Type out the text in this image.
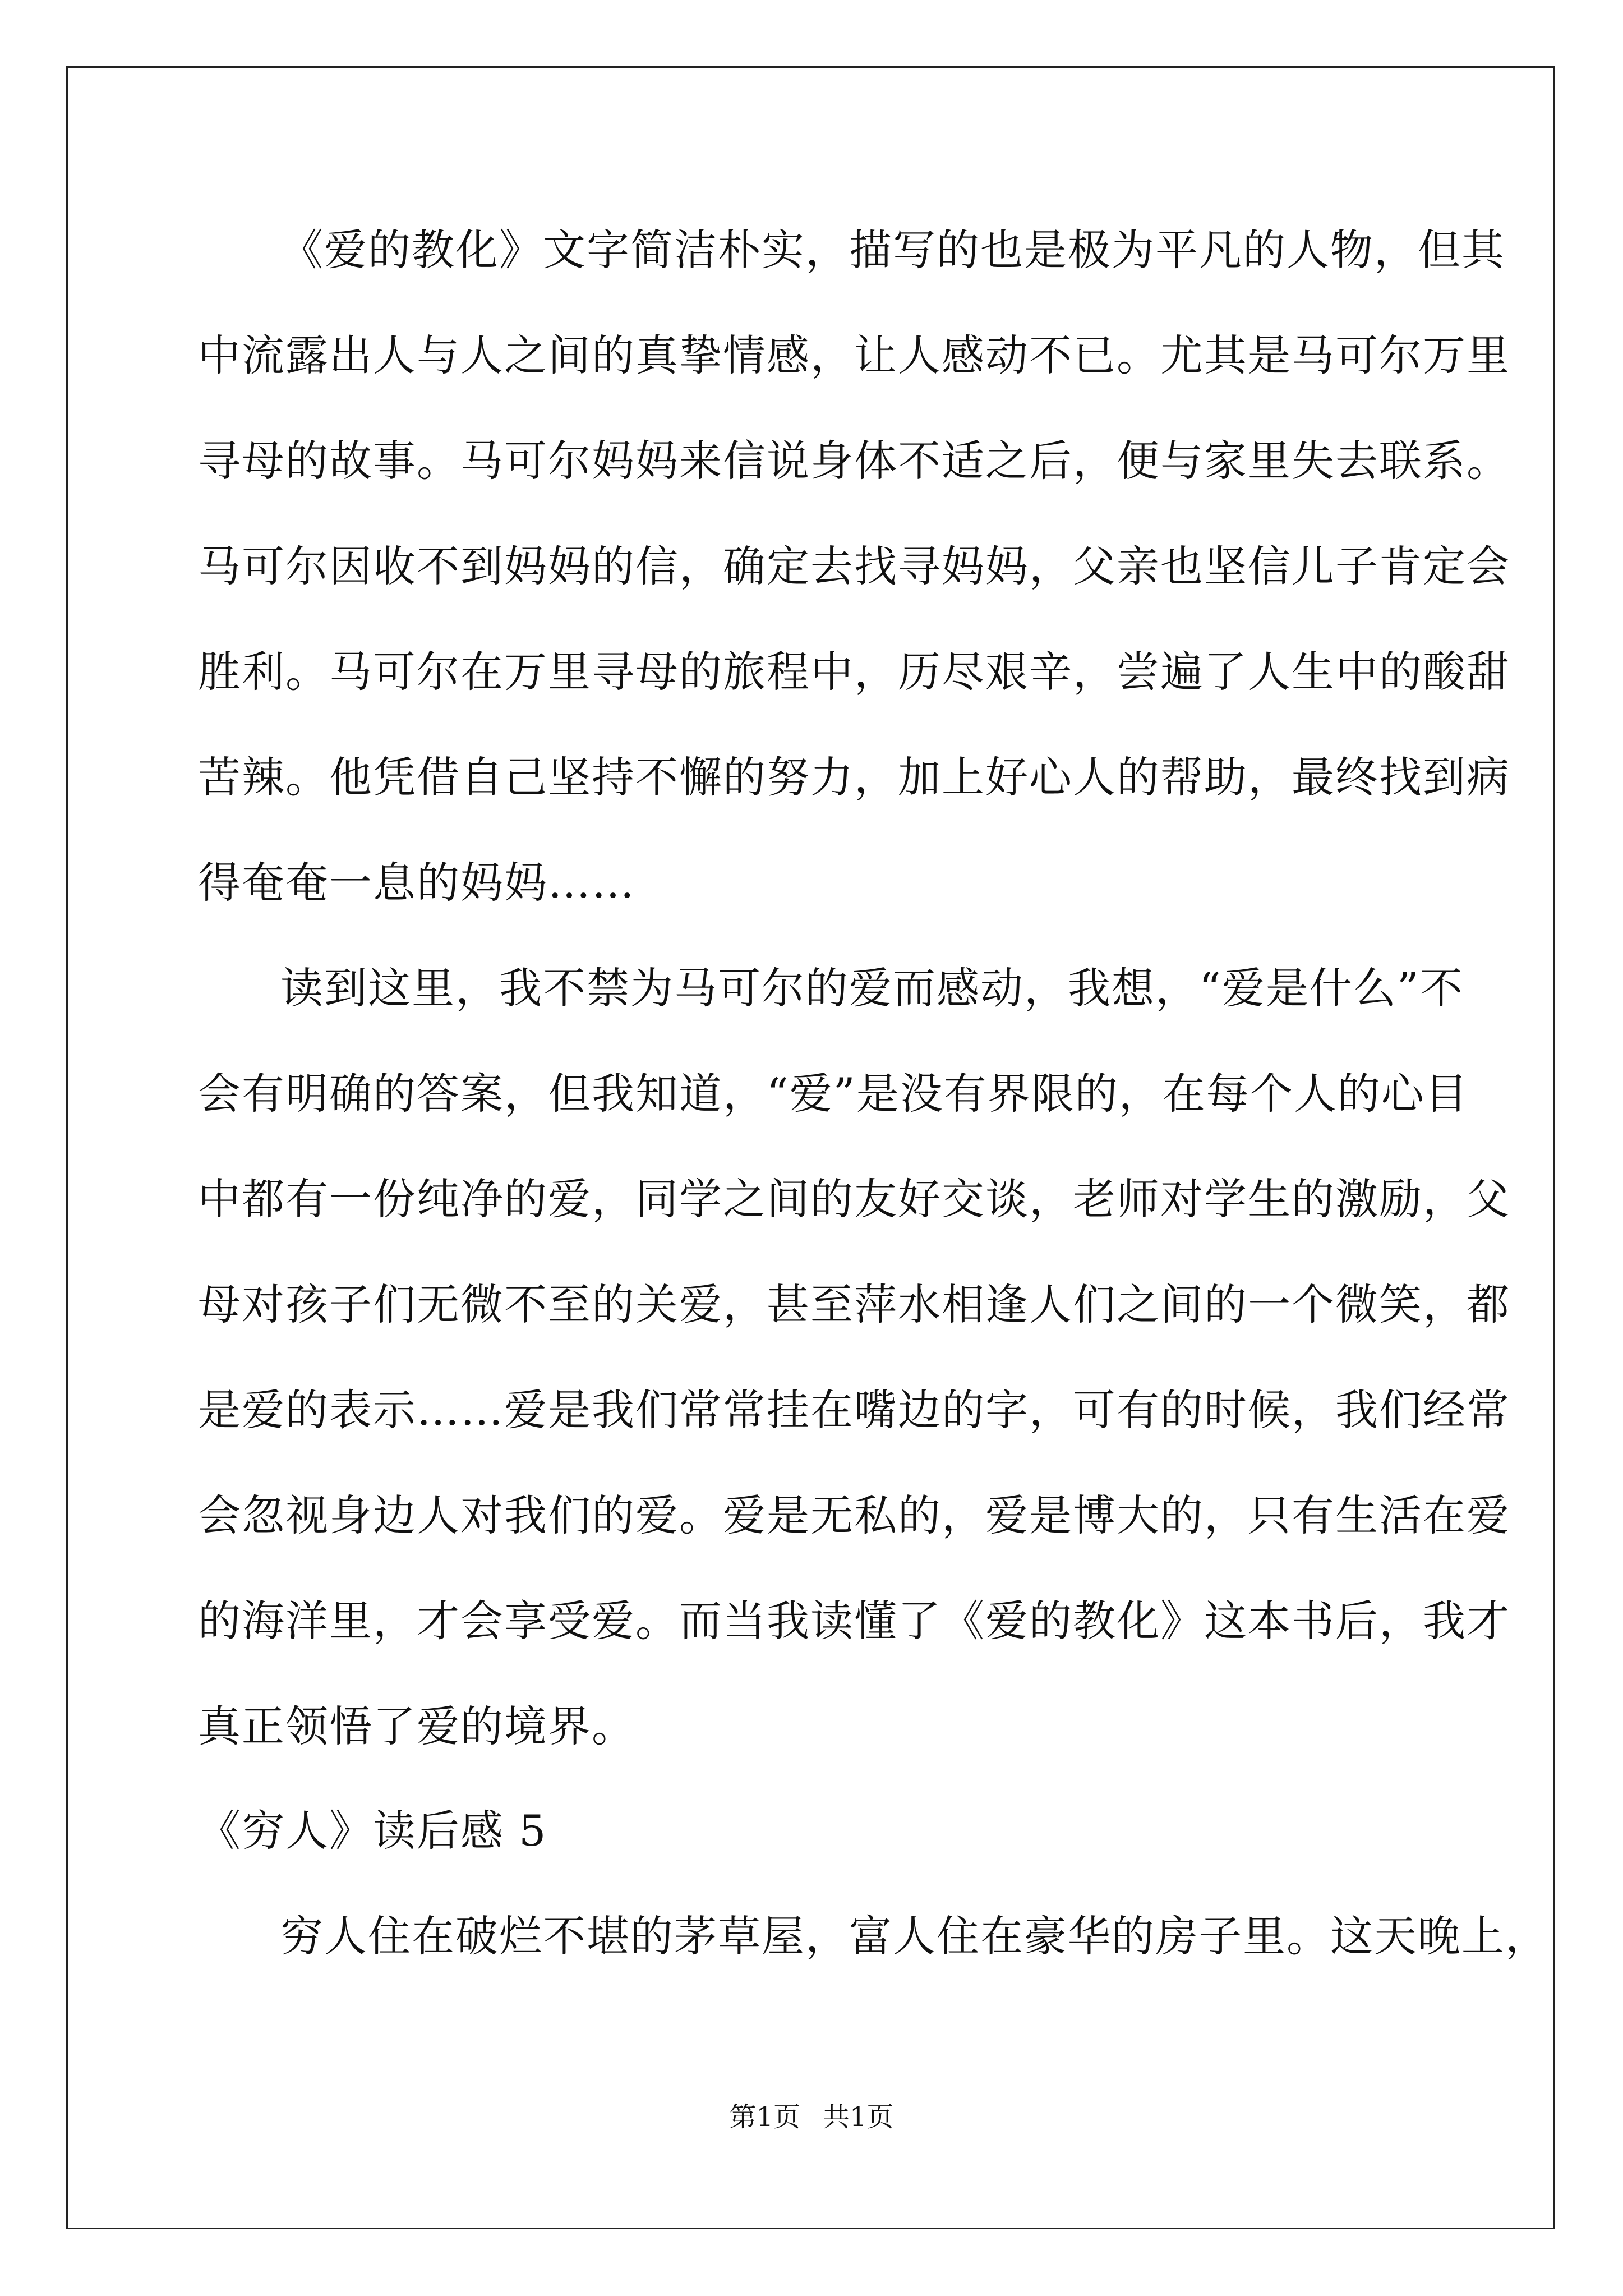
《爱的教化》文字简洁朴实，描写的也是极为平凡的人物，但其
中流露出人与人之间的真挚情感，让人感动不已。尤其是马可尔万里
寻母的故事。马可尔妈妈来信说身体不适之后，便与家里失去联系。
马可尔因收不到妈妈的信，确定去找寻妈妈，父亲也坚信儿子肯定会
胜利。马可尔在万里寻母的旅程中，历尽艰辛，尝遍了人生中的酸甜
苦辣。他凭借自己坚持不懈的努力，加上好心人的帮助，最终找到病
得奄奄一息的妈妈……
读到这里，我不禁为马可尔的爱而感动，我想，“爱是什么”不
会有明确的答案，但我知道，“爱”是没有界限的，在每个人的心目
中都有一份纯净的爱，同学之间的友好交谈，老师对学生的激励，父
母对孩子们无微不至的关爱，甚至萍水相逢人们之间的一个微笑，都
是爱的表示……爱是我们常常挂在嘴边的字，可有的时候，我们经常
会忽视身边人对我们的爱。爱是无私的，爱是博大的，只有生活在爱
的海洋里，才会享受爱。而当我读懂了《爱的教化》这本书后，我才
真正领悟了爱的境界。
《穷人》读后感 5
穷人住在破烂不堪的茅草屋，富人住在豪华的房子里。这天晚上，
第1页 共1页
